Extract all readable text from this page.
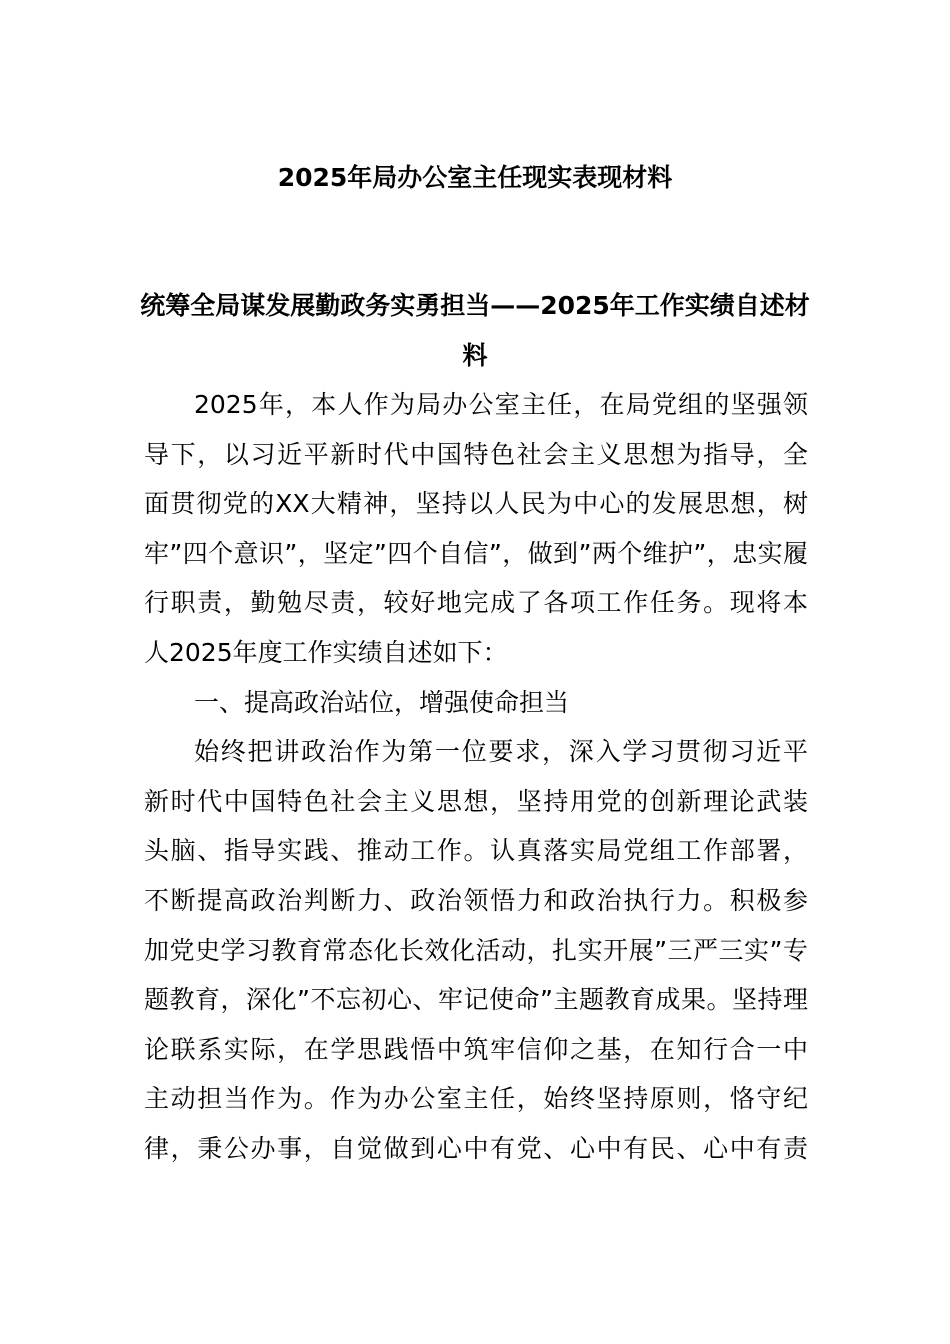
2025年局办公室主任现实表现材料
统筹全局谋发展勤政务实勇担当——2025年工作实绩自述材料
2025年，本人作为局办公室主任，在局党组的坚强领
导下，以习近平新时代中国特色社会主义思想为指导，全
面贯彻党的XX大精神，坚持以人民为中心的发展思想，树
牢”四个意识”，坚定”四个自信”，做到”两个维护”，忠实履
行职责，勤勉尽责，较好地完成了各项工作任务。现将本
人2025年度工作实绩自述如下：
一、提高政治站位，增强使命担当
始终把讲政治作为第一位要求，深入学习贯彻习近平
新时代中国特色社会主义思想，坚持用党的创新理论武装
头脑、指导实践、推动工作。认真落实局党组工作部署，
不断提高政治判断力、政治领悟力和政治执行力。积极参
加党史学习教育常态化长效化活动，扎实开展”三严三实”专
题教育，深化”不忘初心、牢记使命”主题教育成果。坚持理
论联系实际，在学思践悟中筑牢信仰之基，在知行合一中
主动担当作为。作为办公室主任，始终坚持原则，恪守纪
律，秉公办事，自觉做到心中有党、心中有民、心中有责
